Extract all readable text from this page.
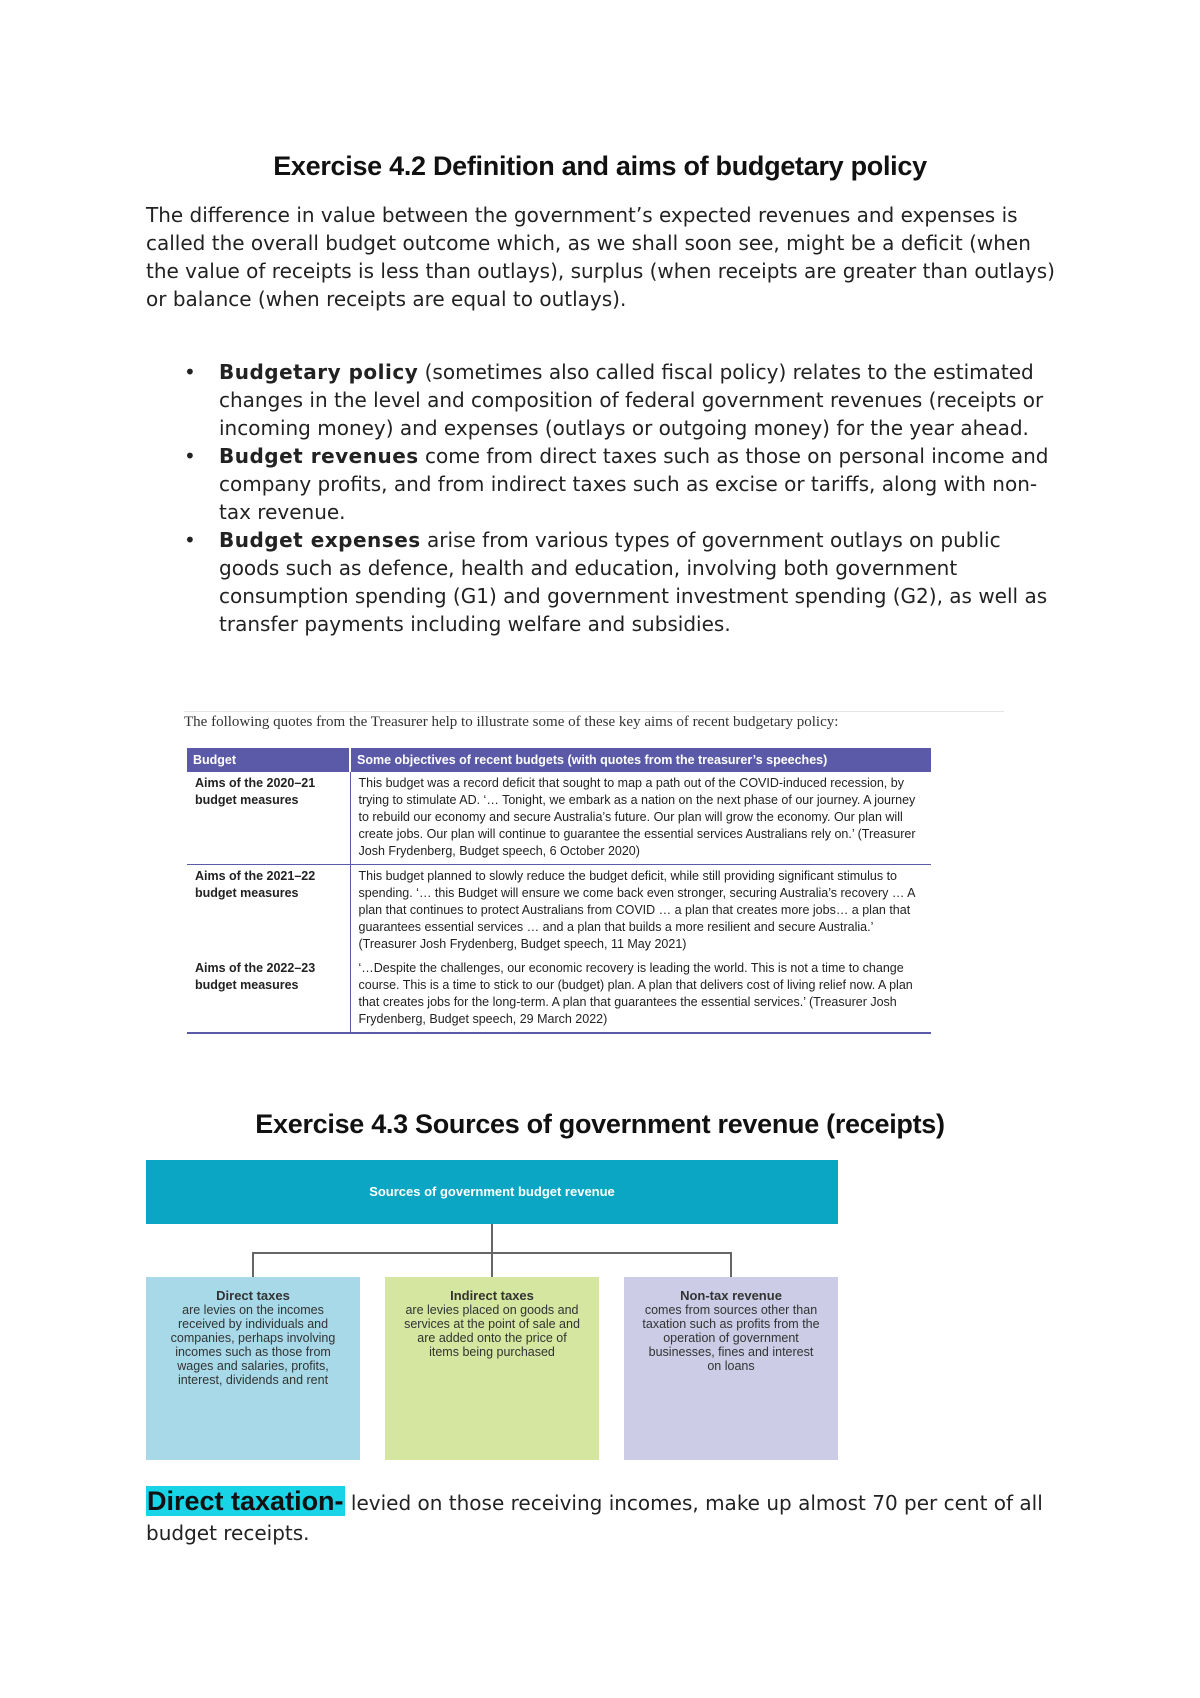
Exercise 4.2 Definition and aims of budgetary policy

The difference in value between the government’s expected revenues and expenses is called the overall budget outcome which, as we shall soon see, might be a deficit (when the value of receipts is less than outlays), surplus (when receipts are greater than outlays) or balance (when receipts are equal to outlays).

• Budgetary policy (sometimes also called fiscal policy) relates to the estimated changes in the level and composition of federal government revenues (receipts or incoming money) and expenses (outlays or outgoing money) for the year ahead.
• Budget revenues come from direct taxes such as those on personal income and company profits, and from indirect taxes such as excise or tariffs, along with non-tax revenue.
• Budget expenses arise from various types of government outlays on public goods such as defence, health and education, involving both government consumption spending (G1) and government investment spending (G2), as well as transfer payments including welfare and subsidies.
The following quotes from the Treasurer help to illustrate some of these key aims of recent budgetary policy:
Budget	Some objectives of recent budgets (with quotes from the treasurer’s speeches)
Aims of the 2020–21 budget measures	This budget was a record deficit that sought to map a path out of the COVID-induced recession, by trying to stimulate AD. ‘… Tonight, we embark as a nation on the next phase of our journey. A journey to rebuild our economy and secure Australia’s future. Our plan will grow the economy. Our plan will create jobs. Our plan will continue to guarantee the essential services Australians rely on.’ (Treasurer Josh Frydenberg, Budget speech, 6 October 2020)
Aims of the 2021–22 budget measures	This budget planned to slowly reduce the budget deficit, while still providing significant stimulus to spending. ‘… this Budget will ensure we come back even stronger, securing Australia’s recovery … A plan that continues to protect Australians from COVID … a plan that creates more jobs… a plan that guarantees essential services … and a plan that builds a more resilient and secure Australia.’ (Treasurer Josh Frydenberg, Budget speech, 11 May 2021)
Aims of the 2022–23 budget measures	‘…Despite the challenges, our economic recovery is leading the world. This is not a time to change course. This is a time to stick to our (budget) plan. A plan that delivers cost of living relief now. A plan that creates jobs for the long-term. A plan that guarantees the essential services.’ (Treasurer Josh Frydenberg, Budget speech, 29 March 2022)
Exercise 4.3 Sources of government revenue (receipts)
Sources of government budget revenue
Direct taxes
are levies on the incomes received by individuals and companies, perhaps involving incomes such as those from wages and salaries, profits, interest, dividends and rent
Indirect taxes
are levies placed on goods and services at the point of sale and are added onto the price of items being purchased
Non-tax revenue
comes from sources other than taxation such as profits from the operation of government businesses, fines and interest on loans

Direct taxation- levied on those receiving incomes, make up almost 70 per cent of all budget receipts.
